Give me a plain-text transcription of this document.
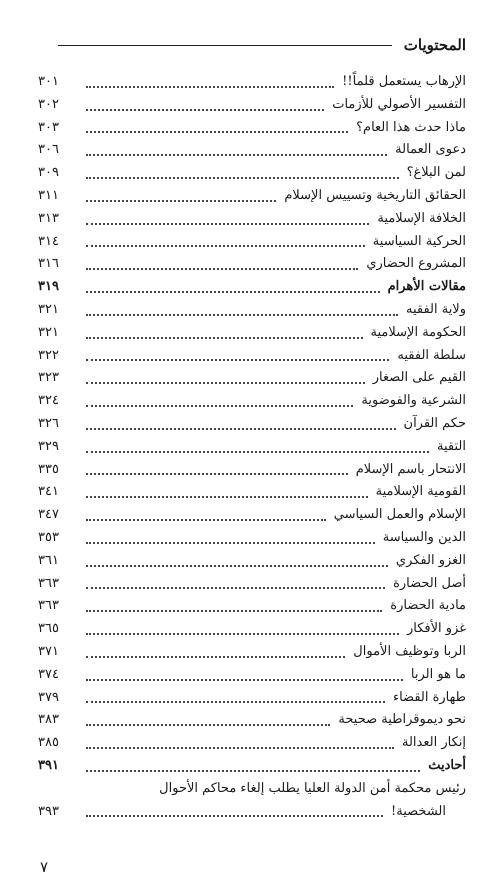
المحتويات
الإرهاب يستعمل قلماً!!
٣٠١
التفسير الأصولي للأزمات
٣٠٢
ماذا حدث هذا العام؟
٣٠٣
دعوى العمالة
٣٠٦
لمن البلاغ؟
٣٠٩
الحقائق التاريخية وتسييس الإسلام
٣١١
الخلافة الإسلامية
٣١٣
الحركية السياسية
٣١٤
المشروع الحضاري
٣١٦
مقالات الأهرام
٣١٩
ولاية الفقيه
٣٢١
الحكومة الإسلامية
٣٢١
سلطة الفقيه
٣٢٢
القيم على الصغار
٣٢٣
الشرعية والفوضوية
٣٢٤
حكم القرآن
٣٢٦
التقية
٣٢٩
الانتحار باسم الإسلام
٣٣٥
القومية الإسلامية
٣٤١
الإسلام والعمل السياسي
٣٤٧
الدين والسياسة
٣٥٣
الغزو الفكري
٣٦١
أصل الحضارة
٣٦٣
مادية الحضارة
٣٦٣
غزو الأفكار
٣٦٥
الربا وتوظيف الأموال
٣٧١
ما هو الربا
٣٧٤
طهارة القضاء
٣٧٩
نحو ديموقراطية صحيحة
٣٨٣
إنكار العدالة
٣٨٥
أحاديث
٣٩١
رئيس محكمة أمن الدولة العليا يطلب إلغاء محاكم الأحوال
الشخصية!
٣٩٣
٧
